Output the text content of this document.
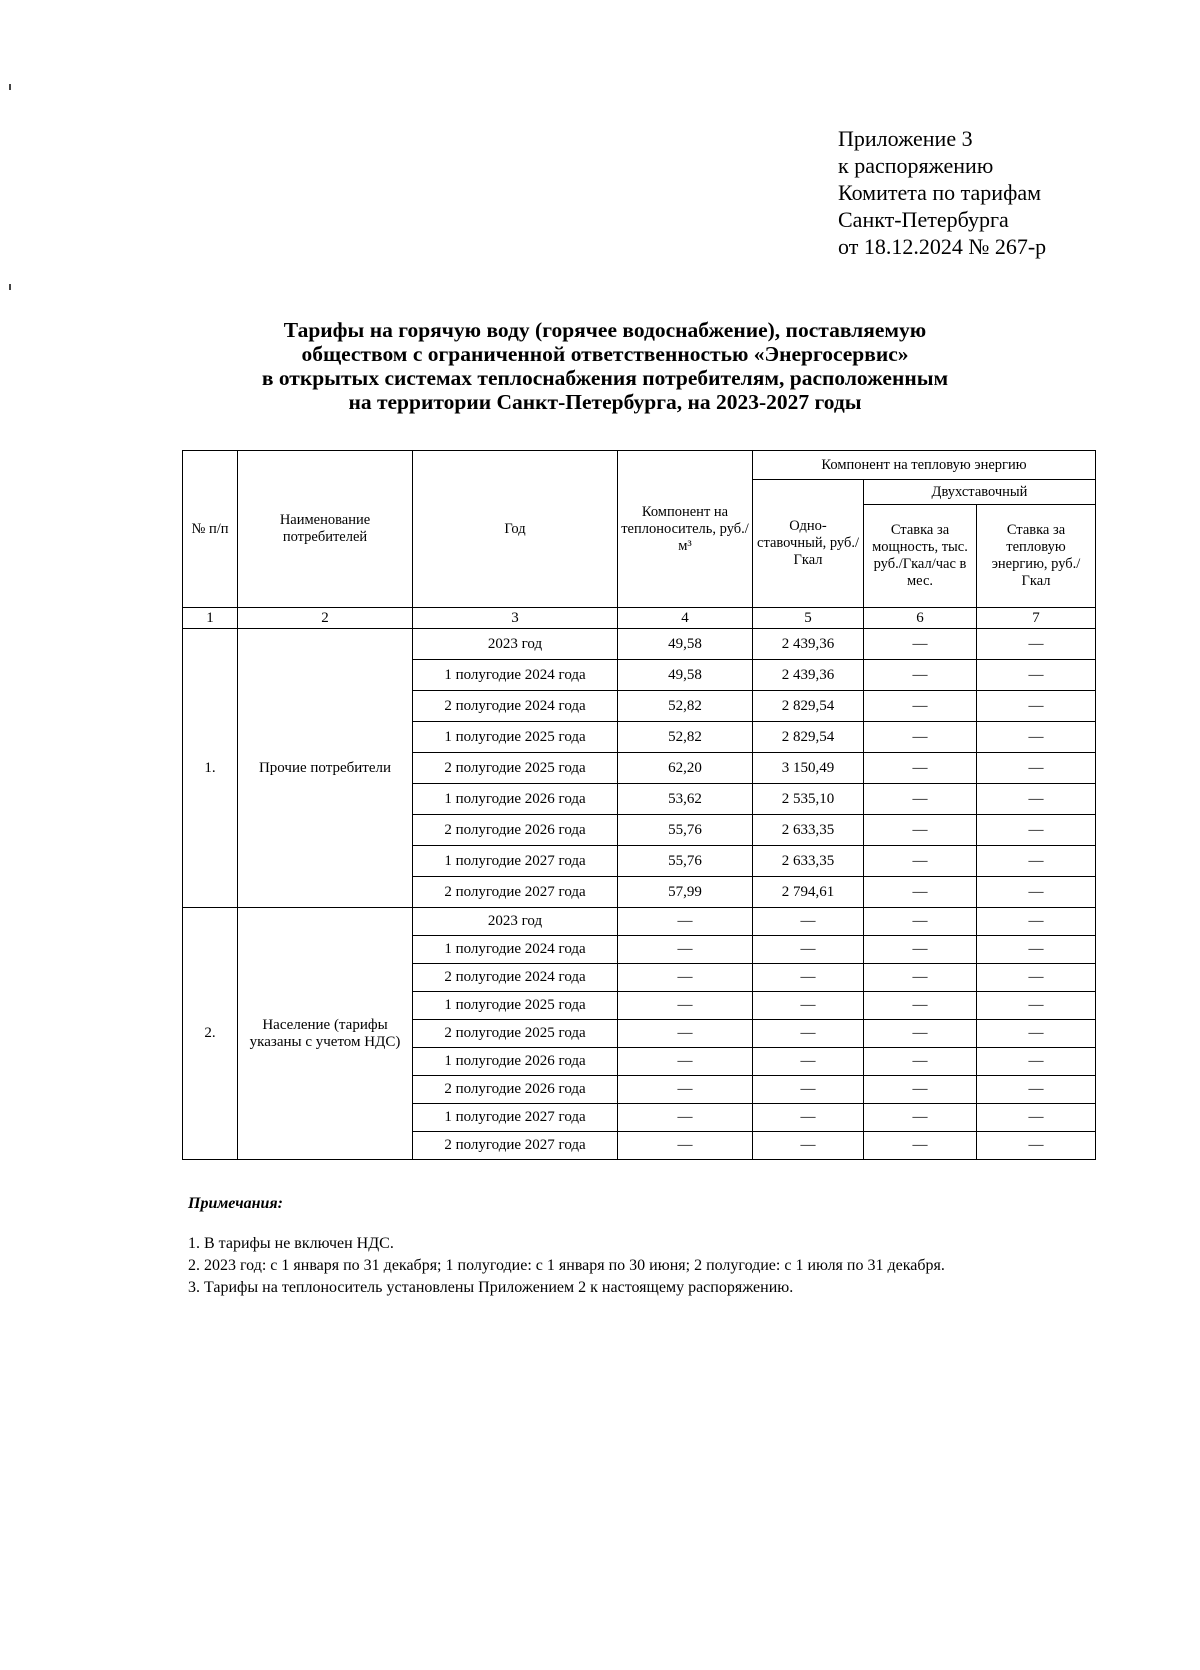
Приложение 3
к распоряжению
Комитета по тарифам
Санкт-Петербурга
от 18.12.2024 № 267-р
Тарифы на горячую воду (горячее водоснабжение), поставляемую
обществом с ограниченной ответственностью «Энергосервис»
в открытых системах теплоснабжения потребителям, расположенным
на территории Санкт-Петербурга, на 2023-2027 годы
№ п/п	Наименование потребителей	Год	Компонент на теплоноситель, руб./м³	Компонент на тепловую энергию		
				Одно-ставочный, руб./Гкал	Двухставочный	
					Ставка за мощность, тыс. руб./Гкал/час в мес.	Ставка за тепловую энергию, руб./Гкал
1	2	3	4	5	6	7
1.	Прочие потребители	2023 год	49,58	2 439,36	—	—
		1 полугодие 2024 года	49,58	2 439,36	—	—
		2 полугодие 2024 года	52,82	2 829,54	—	—
		1 полугодие 2025 года	52,82	2 829,54	—	—
		2 полугодие 2025 года	62,20	3 150,49	—	—
		1 полугодие 2026 года	53,62	2 535,10	—	—
		2 полугодие 2026 года	55,76	2 633,35	—	—
		1 полугодие 2027 года	55,76	2 633,35	—	—
		2 полугодие 2027 года	57,99	2 794,61	—	—
2.	Население (тарифы указаны с учетом НДС)	2023 год	—	—	—	—
		1 полугодие 2024 года	—	—	—	—
		2 полугодие 2024 года	—	—	—	—
		1 полугодие 2025 года	—	—	—	—
		2 полугодие 2025 года	—	—	—	—
		1 полугодие 2026 года	—	—	—	—
		2 полугодие 2026 года	—	—	—	—
		1 полугодие 2027 года	—	—	—	—
		2 полугодие 2027 года	—	—	—	—
Примечания:

1. В тарифы не включен НДС.

2. 2023 год: с 1 января по 31 декабря; 1 полугодие: с 1 января по 30 июня; 2 полугодие: с 1 июля по 31 декабря.

3. Тарифы на теплоноситель установлены Приложением 2 к настоящему распоряжению.
